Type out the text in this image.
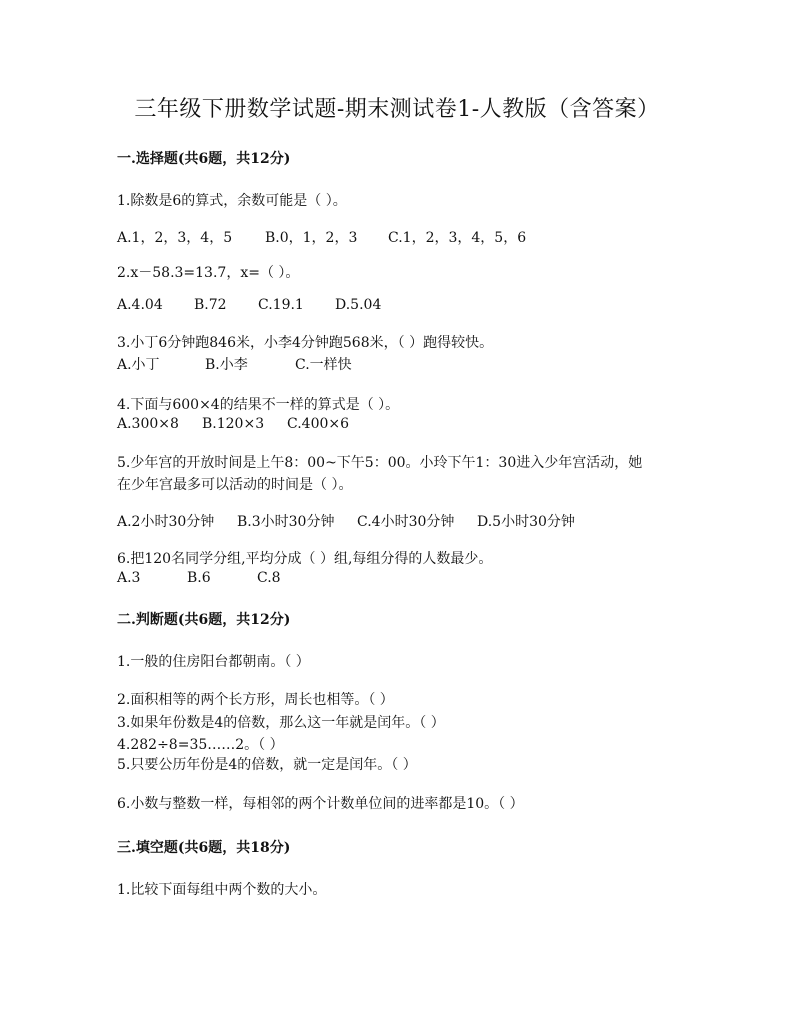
三年级下册数学试题-期末测试卷1-人教版（含答案）
一.选择题(共6题，共12分)
1.除数是6的算式，余数可能是（ ）。
A.1，2，3，4，5 B.0，1，2，3 C.1，2，3，4，5，6
2.x－58.3=13.7，x=（ ）。
A.4.04 B.72 C.19.1 D.5.04
3.小丁6分钟跑846米，小李4分钟跑568米，（ ）跑得较快。
A.小丁	B.小李	C.一样快
4.下面与600×4的结果不一样的算式是（ ）。
A.300×8 B.120×3 C.400×6
5.少年宫的开放时间是上午8：00~下午5：00。小玲下午1：30进入少年宫活动，她
在少年宫最多可以活动的时间是（ ）。
A.2小时30分钟 B.3小时30分钟 C.4小时30分钟 D.5小时30分钟
6.把120名同学分组,平均分成（ ）组,每组分得的人数最少。
A.3	B.6	C.8
二.判断题(共6题，共12分)
1.一般的住房阳台都朝南。（ ）
2.面积相等的两个长方形，周长也相等。（ ）
3.如果年份数是4的倍数，那么这一年就是闰年。（ ）
4.282÷8=35……2。（ ）
5.只要公历年份是4的倍数，就一定是闰年。（ ）
6.小数与整数一样，每相邻的两个计数单位间的进率都是10。（ ）
三.填空题(共6题，共18分)
1.比较下面每组中两个数的大小。
